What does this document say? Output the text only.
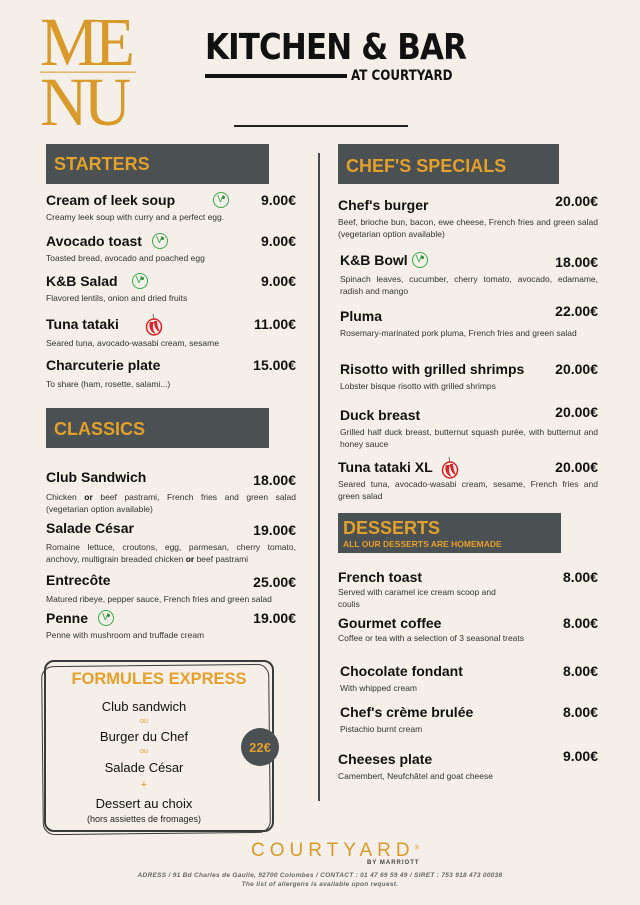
ME
NU
KITCHEN & BAR
AT COURTYARD
STARTERS
Cream of leek soup V	9.00€
Creamy leek soup with curry and a perfect egg.
Avocado toast V	9.00€
Toasted bread, avocado and poached egg
K&B Salad V	9.00€
Flavored lentils, onion and dried fruits
Tuna tataki	11.00€
Seared tuna, avocado-wasabi cream, sesame
Charcuterie plate	15.00€
To share (ham, rosette, salami...)
CLASSICS
Club Sandwich	18.00€
Chicken or beef pastrami, French fries and green salad (vegetarian option available)
Salade César	19.00€
Romaine lettuce, croutons, egg, parmesan, cherry tomato, anchovy, multigrain breaded chicken or beef pastrami
Entrecôte	25.00€
Matured ribeye, pepper sauce, French fries and green salad
Penne V	19.00€
Penne with mushroom and truffade cream
FORMULES EXPRESS
Club sandwich
ou
Burger du Chef
ou
Salade César
+
Dessert au choix
(hors assiettes de fromages)
22€
CHEF'S SPECIALS
Chef's burger	20.00€
Beef, brioche bun, bacon, ewe cheese, French fries and green salad (vegetarian option available)
K&B Bowl V	18.00€
Spinach leaves, cucumber, cherry tomato, avocado, edamame, radish and mango
Pluma	22.00€
Rosemary-marinated pork pluma, French fries and green salad
Risotto with grilled shrimps 20.00€
Lobster bisque risotto with grilled shrimps
Duck breast	20.00€
Grilled half duck breast, butternut squash purée, with butternut and honey sauce
Tuna tataki XL	20.00€
Seared tuna, avocado-wasabi cream, sesame, French fries and green salad
DESSERTS
ALL OUR DESSERTS ARE HOMEMADE
French toast	8.00€
Served with caramel ice cream scoop and coulis
Gourmet coffee	8.00€
Coffee or tea with a selection of 3 seasonal treats
Chocolate fondant	8.00€
With whipped cream
Chef's crème brulée	8.00€
Pistachio burnt cream
Cheeses plate	9.00€
Camembert, Neufchâtel and goat cheese
COURTYARD®
BY MARRIOTT
ADRESS / 91 Bd Charles de Gaulle, 92700 Colombes / CONTACT : 01 47 69 59 49 / SIRET : 753 918 473 00038
The list of allergens is available upon request.
